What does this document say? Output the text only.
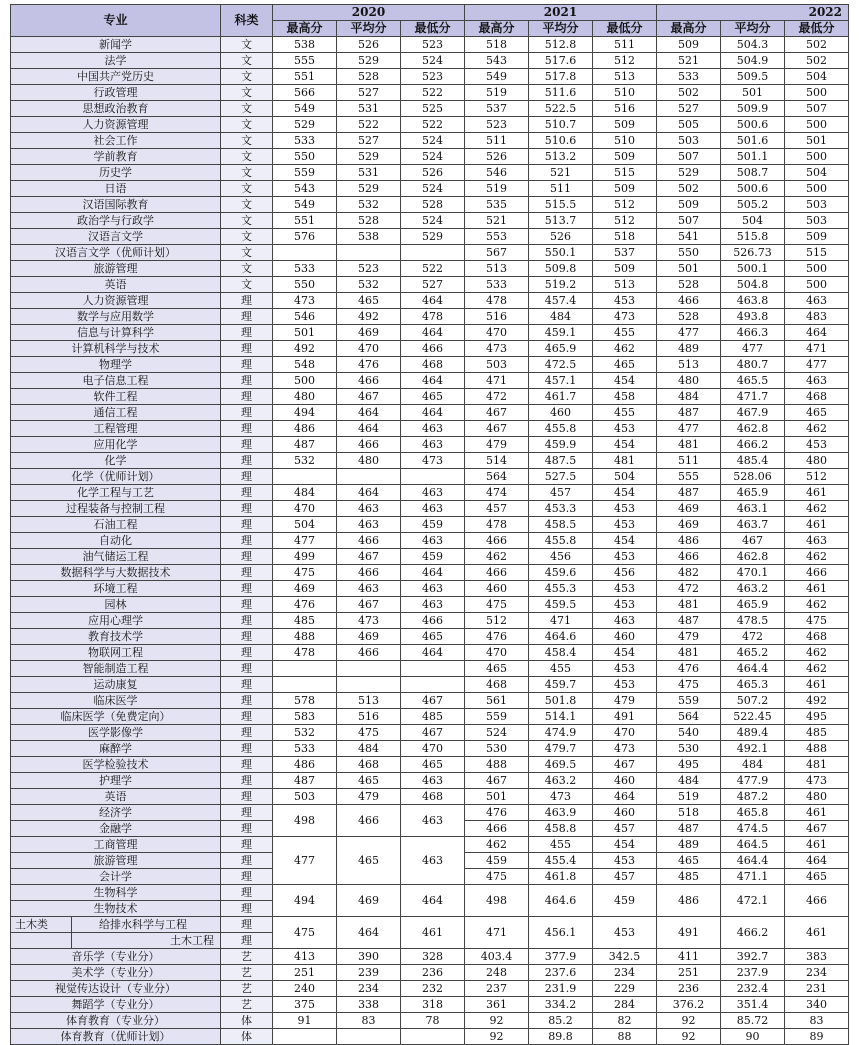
专业	科类	2020			2021			2022		
		最高分	平均分	最低分	最高分	平均分	最低分	最高分	平均分	最低分
新闻学	文	538	526	523	518	512.8	511	509	504.3	502
法学	文	555	529	524	543	517.6	512	521	504.9	502
中国共产党历史	文	551	528	523	549	517.8	513	533	509.5	504
行政管理	文	566	527	522	519	511.6	510	502	501	500
思想政治教育	文	549	531	525	537	522.5	516	527	509.9	507
人力资源管理	文	529	522	522	523	510.7	509	505	500.6	500
社会工作	文	533	527	524	511	510.6	510	503	501.6	501
学前教育	文	550	529	524	526	513.2	509	507	501.1	500
历史学	文	559	531	526	546	521	515	529	508.7	504
日语	文	543	529	524	519	511	509	502	500.6	500
汉语国际教育	文	549	532	528	535	515.5	512	509	505.2	503
政治学与行政学	文	551	528	524	521	513.7	512	507	504	503
汉语言文学	文	576	538	529	553	526	518	541	515.8	509
汉语言文学（优师计划）	文				567	550.1	537	550	526.73	515
旅游管理	文	533	523	522	513	509.8	509	501	500.1	500
英语	文	550	532	527	533	519.2	513	528	504.8	500
人力资源管理	理	473	465	464	478	457.4	453	466	463.8	463
数学与应用数学	理	546	492	478	516	484	473	528	493.8	483
信息与计算科学	理	501	469	464	470	459.1	455	477	466.3	464
计算机科学与技术	理	492	470	466	473	465.9	462	489	477	471
物理学	理	548	476	468	503	472.5	465	513	480.7	477
电子信息工程	理	500	466	464	471	457.1	454	480	465.5	463
软件工程	理	480	467	465	472	461.7	458	484	471.7	468
通信工程	理	494	464	464	467	460	455	487	467.9	465
工程管理	理	486	464	463	467	455.8	453	477	462.8	462
应用化学	理	487	466	463	479	459.9	454	481	466.2	453
化学	理	532	480	473	514	487.5	481	511	485.4	480
化学（优师计划）	理				564	527.5	504	555	528.06	512
化学工程与工艺	理	484	464	463	474	457	454	487	465.9	461
过程装备与控制工程	理	470	463	463	457	453.3	453	469	463.1	462
石油工程	理	504	463	459	478	458.5	453	469	463.7	461
自动化	理	477	466	463	466	455.8	454	486	467	463
油气储运工程	理	499	467	459	462	456	453	466	462.8	462
数据科学与大数据技术	理	475	466	464	466	459.6	456	482	470.1	466
环境工程	理	469	463	463	460	455.3	453	472	463.2	461
园林	理	476	467	463	475	459.5	453	481	465.9	462
应用心理学	理	485	473	466	512	471	463	487	478.5	475
教育技术学	理	488	469	465	476	464.6	460	479	472	468
物联网工程	理	478	466	464	470	458.4	454	481	465.2	462
智能制造工程	理				465	455	453	476	464.4	462
运动康复	理				468	459.7	453	475	465.3	461
临床医学	理	578	513	467	561	501.8	479	559	507.2	492
临床医学（免费定向）	理	583	516	485	559	514.1	491	564	522.45	495
医学影像学	理	532	475	467	524	474.9	470	540	489.4	485
麻醉学	理	533	484	470	530	479.7	473	530	492.1	488
医学检验技术	理	486	468	465	488	469.5	467	495	484	481
护理学	理	487	465	463	467	463.2	460	484	477.9	473
英语	理	503	479	468	501	473	464	519	487.2	480
经济学	理	498	466	463	476	463.9	460	518	465.8	461
金融学	理				466	458.8	457	487	474.5	467
工商管理	理	477	465	463	462	455	454	489	464.5	461
旅游管理	理				459	455.4	453	465	464.4	464
会计学	理				475	461.8	457	485	471.1	465
生物科学	理	494	469	464	498	464.6	459	486	472.1	466
生物技术	理									

土木类 给排水科学与工程	理	475	464	461	471	456.1	453	491	466.2	461

土木工程	理									
音乐学（专业分）	艺	413	390	328	403.4	377.9	342.5	411	392.7	383
美术学（专业分）	艺	251	239	236	248	237.6	234	251	237.9	234
视觉传达设计（专业分）	艺	240	234	232	237	231.9	229	236	232.4	231
舞蹈学（专业分）	艺	375	338	318	361	334.2	284	376.2	351.4	340
体育教育（专业分）	体	91	83	78	92	85.2	82	92	85.72	83
体育教育（优师计划）	体				92	89.8	88	92	90	89
